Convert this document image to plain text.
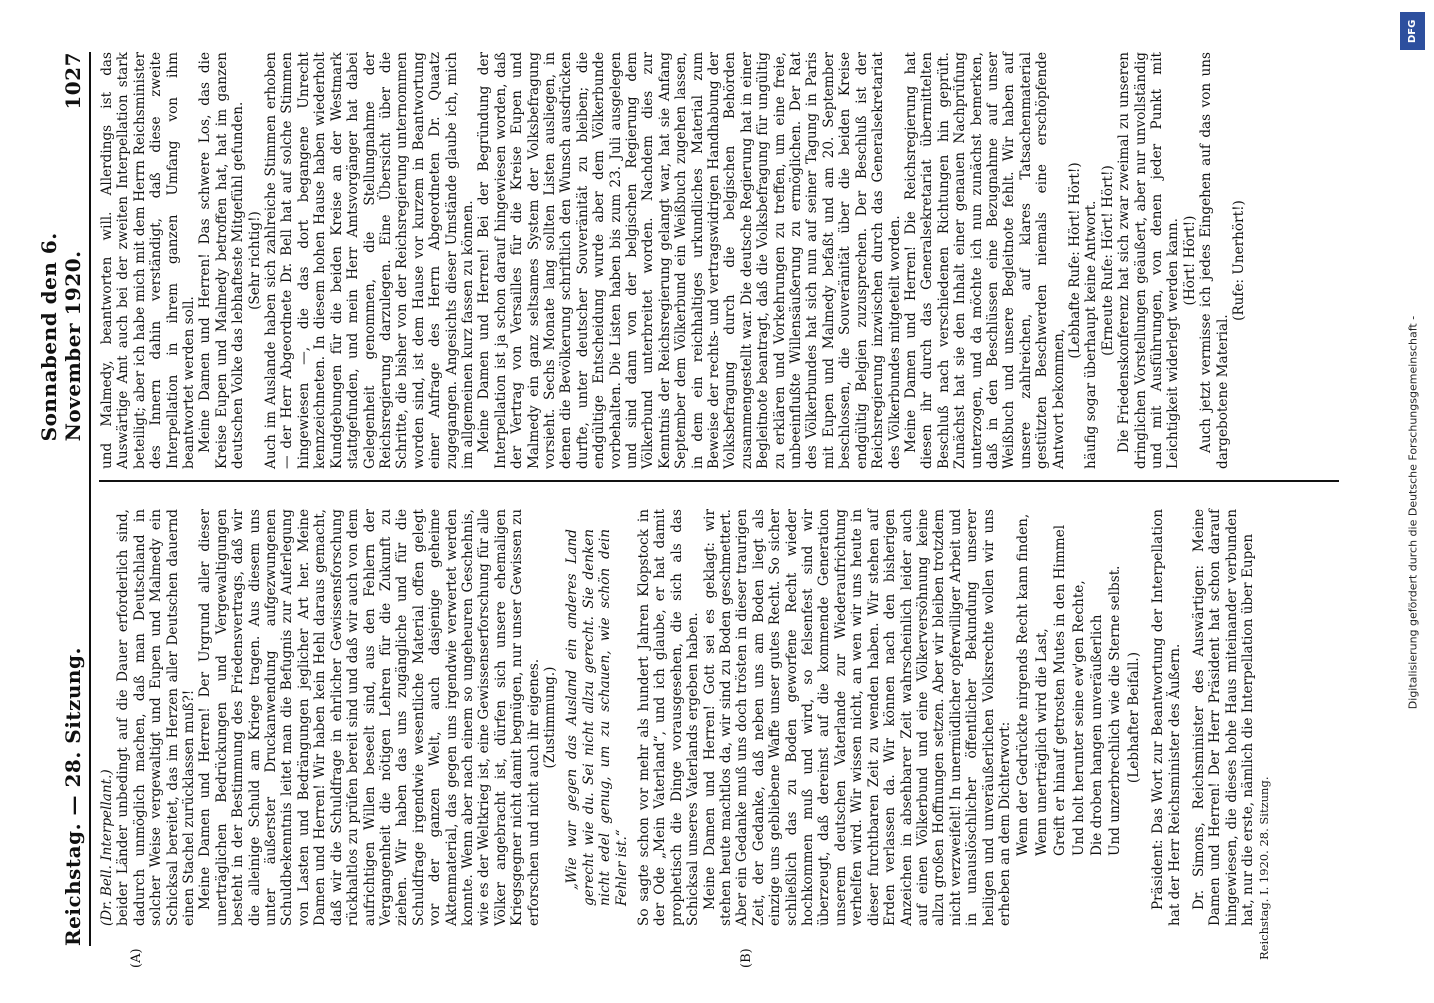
Reichstag. — 28. Sitzung.
Sonnabend den 6. November 1920.
1027
(A)	(B)

(Dr. Bell. Interpellant.) beider Länder unbedingt auf die Dauer erforderlich sind, dadurch unmöglich machen, daß man Deutschland in solcher Weise vergewaltigt und Eupen und Malmedy ein Schicksal bereitet, das im Herzen aller Deutschen dauernd einen Stachel zurücklassen muß?! Meine Damen und Herren! Der Urgrund aller dieser unerträglichen Bedrückungen und Vergewaltigungen besteht in der Bestimmung des Friedensvertrags, daß wir die alleinige Schuld am Kriege tragen. Aus diesem uns unter äußerster Druckanwendung aufgezwungenen Schuldbekenntnis leitet man die Befugnis zur Auferlegung von Lasten und Bedrängungen jeglicher Art her. Meine Damen und Herren! Wir haben kein Hehl daraus gemacht, daß wir die Schuldfrage in ehrlicher Gewissensforschung rückhaltlos zu prüfen bereit sind und daß wir auch von dem aufrichtigen Willen beseelt sind, aus den Fehlern der Vergangenheit die nötigen Lehren für die Zukunft zu ziehen. Wir haben das uns zugängliche und für die Schuldfrage irgendwie wesentliche Material offen gelegt vor der ganzen Welt, auch dasjenige geheime Aktenmaterial, das gegen uns irgendwie verwertet werden konnte. Wenn aber nach einem so ungeheuren Geschehnis, wie es der Weltkrieg ist, eine Gewissenserforschung für alle Völker angebracht ist, dürfen sich unsere ehemaligen Kriegsgegner nicht damit begnügen, nur unser Gewissen zu erforschen und nicht auch ihr eigenes. (Zustimmung.) „Wie war gegen das Ausland ein anderes Land gerecht wie du. Sei nicht allzu gerecht. Sie denken nicht edel genug, um zu schauen, wie schön dein Fehler ist.“ So sagte schon vor mehr als hundert Jahren Klopstock in der Ode „Mein Vaterland“, und ich glaube, er hat damit prophetisch die Dinge vorausgesehen, die sich als das Schicksal unseres Vaterlands ergeben haben. Meine Damen und Herren! Gott sei es geklagt: wir stehen heute machtlos da, wir sind zu Boden geschmettert. Aber ein Gedanke muß uns doch trösten in dieser traurigen Zeit, der Gedanke, daß neben uns am Boden liegt als einzige uns gebliebene Waffe unser gutes Recht. So sicher schließlich das zu Boden geworfene Recht wieder hochkommen muß und wird, so felsenfest sind wir überzeugt, daß dereinst auf die kommende Generation unserem deutschen Vaterlande zur Wiederaufrichtung verhelfen wird. Wir wissen nicht, an wen wir uns heute in dieser furchtbaren Zeit zu wenden haben. Wir stehen auf Erden verlassen da. Wir können nach den bisherigen Anzeichen in absehbarer Zeit wahrscheinlich leider auch auf einen Völkerbund und eine Völkerversöhnung keine allzu großen Hoffnungen setzen. Aber wir bleiben trotzdem nicht verzweifelt! In unermüdlicher opferwilliger Arbeit und in unauslöschlicher öffentlicher Bekundung unserer heiligen und unveräußerlichen Volksrechte wollen wir uns erheben an dem Dichterwort: Wenn der Gedrückte nirgends Recht kann finden, Wenn unerträglich wird die Last, Greift er hinauf getrosten Mutes in den Himmel Und holt herunter seine ew'gen Rechte, Die droben hangen unveräußerlich Und unzerbrechlich wie die Sterne selbst. (Lebhafter Beifall.) Präsident: Das Wort zur Beantwortung der Interpellation hat der Herr Reichsminister des Äußern. Dr. Simons, Reichsminister des Auswärtigen: Meine Damen und Herren! Der Herr Präsident hat schon darauf hingewiesen, die dieses hohe Haus miteinander verbunden hat, nur die erste, nämlich die Interpellation über Eupen

und Malmedy, beantworten will. Allerdings ist das Auswärtige Amt auch bei der zweiten Interpellation stark beteiligt; aber ich habe mich mit dem Herrn Reichsminister des Innern dahin verständigt, daß diese zweite Interpellation in ihrem ganzen Umfang von ihm beantwortet werden soll. Meine Damen und Herren! Das schwere Los, das die Kreise Eupen und Malmedy betroffen hat, hat im ganzen deutschen Volke das lebhafteste Mitgefühl gefunden. (Sehr richtig!) Auch im Auslande haben sich zahlreiche Stimmen erhoben — der Herr Abgeordnete Dr. Bell hat auf solche Stimmen hingewiesen —, die das dort begangene Unrecht kennzeichneten. In diesem hohen Hause haben wiederholt Kundgebungen für die beiden Kreise an der Westmark stattgefunden, und mein Herr Amtsvorgänger hat dabei Gelegenheit genommen, die Stellungnahme der Reichsregierung darzulegen. Eine Übersicht über die Schritte, die bisher von der Reichsregierung unternommen worden sind, ist dem Hause vor kurzem in Beantwortung einer Anfrage des Herrn Abgeordneten Dr. Quaatz zugegangen. Angesichts dieser Umstände glaube ich, mich im allgemeinen kurz fassen zu können. Meine Damen und Herren! Bei der Begründung der Interpellation ist ja schon darauf hingewiesen worden, daß der Vertrag von Versailles für die Kreise Eupen und Malmedy ein ganz seltsames System der Volksbefragung vorsieht. Sechs Monate lang sollten Listen ausliegen, in denen die Bevölkerung schriftlich den Wunsch ausdrücken durfte, unter deutscher Souveränität zu bleiben; die endgültige Entscheidung wurde aber dem Völkerbunde vorbehalten. Die Listen haben bis zum 23. Juli ausgelegen und sind dann von der belgischen Regierung dem Völkerbund unterbreitet worden. Nachdem dies zur Kenntnis der Reichsregierung gelangt war, hat sie Anfang September dem Völkerbund ein Weißbuch zugehen lassen, in dem ein reichhaltiges urkundliches Material zum Beweise der rechts- und vertragswidrigen Handhabung der Volksbefragung durch die belgischen Behörden zusammengestellt war. Die deutsche Regierung hat in einer Begleitnote beantragt, daß die Volksbefragung für ungültig zu erklären und Vorkehrungen zu treffen, um eine freie, unbeeinflußte Willensäußerung zu ermöglichen. Der Rat des Völkerbundes hat sich nun auf seiner Tagung in Paris mit Eupen und Malmedy befaßt und am 20. September beschlossen, die Souveränität über die beiden Kreise endgültig Belgien zuzusprechen. Der Beschluß ist der Reichsregierung inzwischen durch das Generalsekretariat des Völkerbundes mitgeteilt worden. Meine Damen und Herren! Die Reichsregierung hat diesen ihr durch das Generalsekretariat übermittelten Beschluß nach verschiedenen Richtungen hin geprüft. Zunächst hat sie den Inhalt einer genauen Nachprüfung unterzogen, und da möchte ich nun zunächst bemerken, daß in den Beschlüssen eine Bezugnahme auf unser Weißbuch und unsere Begleitnote fehlt. Wir haben auf unsere zahlreichen, auf klares Tatsachenmaterial gestützten Beschwerden niemals eine erschöpfende Antwort bekommen,

(Lebhafte Rufe: Hört! Hört!) häufig sogar überhaupt keine Antwort. (Erneute Rufe: Hört! Hört!) Die Friedenskonferenz hat sich zwar zweimal zu unseren dringlichen Vorstellungen geäußert, aber nur unvollständig und mit Ausführungen, von denen jeder Punkt mit Leichtigkeit widerlegt werden kann. (Hört! Hört!) Auch jetzt vermisse ich jedes Eingehen auf das von uns dargebotene Material.

(Rufe: Unerhört!)

Reichstag. I. 1920. 28. Sitzung.
DFG
Digitalisierung gefördert durch die Deutsche Forschungsgemeinschaft -
